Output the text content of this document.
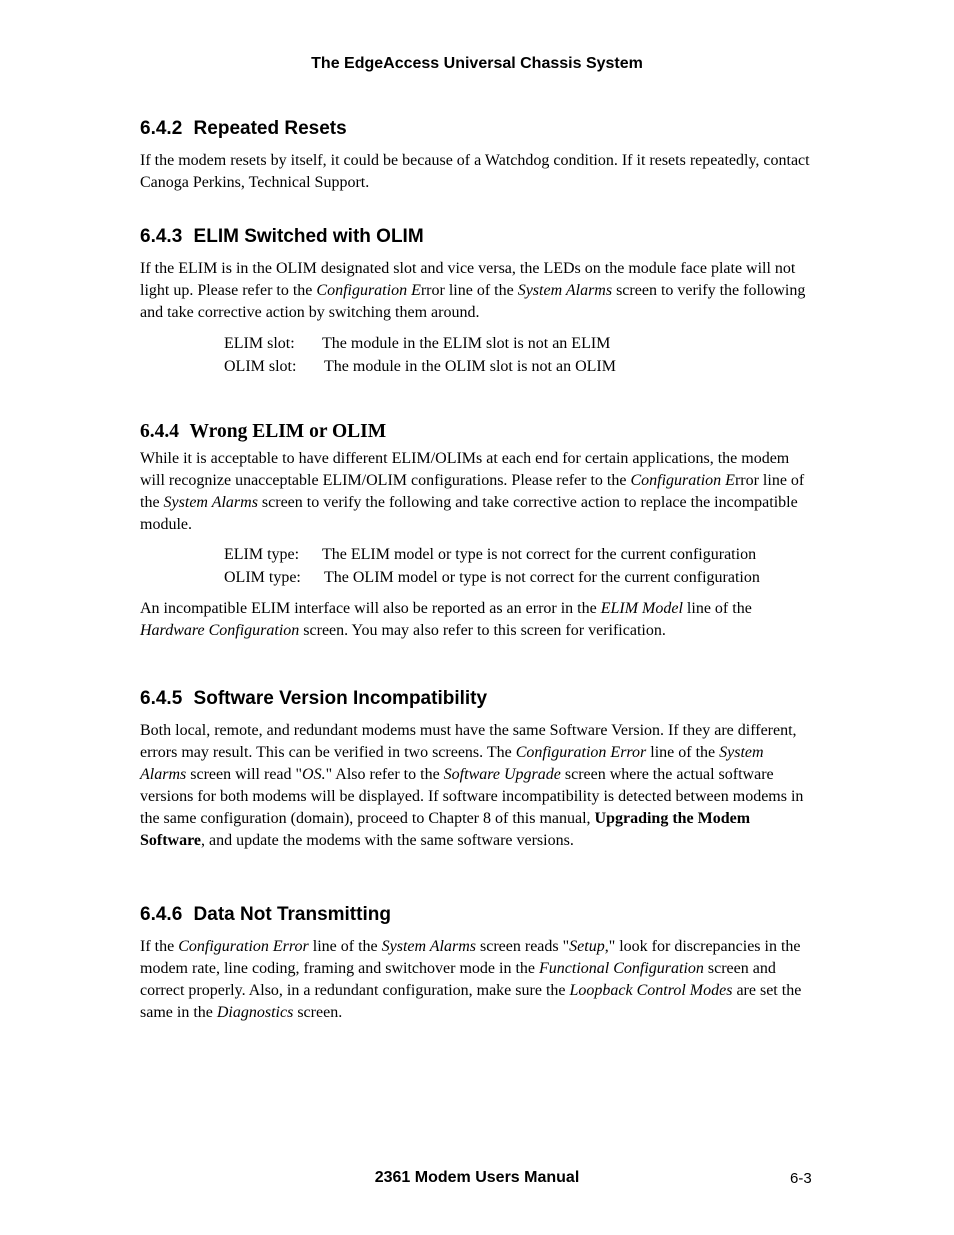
The EdgeAccess Universal Chassis System
6.4.2 Repeated Resets

If the modem resets by itself, it could be because of a Watchdog condition. If it resets repeatedly, contact Canoga Perkins, Technical Support.

6.4.3 ELIM Switched with OLIM

If the ELIM is in the OLIM designated slot and vice versa, the LEDs on the module face plate will not light up. Please refer to the Configuration Error line of the System Alarms screen to verify the following and take corrective action by switching them around.

ELIM slot: The module in the ELIM slot is not an ELIM

OLIM slot: The module in the OLIM slot is not an OLIM

6.4.4 Wrong ELIM or OLIM

While it is acceptable to have different ELIM/OLIMs at each end for certain applications, the modem will recognize unacceptable ELIM/OLIM configurations. Please refer to the Configuration Error line of the System Alarms screen to verify the following and take corrective action to replace the incompatible module.

ELIM type: The ELIM model or type is not correct for the current configuration

OLIM type: The OLIM model or type is not correct for the current configuration

An incompatible ELIM interface will also be reported as an error in the ELIM Model line of the Hardware Configuration screen. You may also refer to this screen for verification.

6.4.5 Software Version Incompatibility

Both local, remote, and redundant modems must have the same Software Version. If they are different, errors may result. This can be verified in two screens. The Configuration Error line of the System Alarms screen will read "OS." Also refer to the Software Upgrade screen where the actual software versions for both modems will be displayed. If software incompatibility is detected between modems in the same configuration (domain), proceed to Chapter 8 of this manual, Upgrading the Modem Software, and update the modems with the same software versions.

6.4.6 Data Not Transmitting

If the Configuration Error line of the System Alarms screen reads "Setup," look for discrepancies in the modem rate, line coding, framing and switchover mode in the Functional Configuration screen and correct properly. Also, in a redundant configuration, make sure the Loopback Control Modes are set the same in the Diagnostics screen.

2361 Modem Users Manual	6-3
